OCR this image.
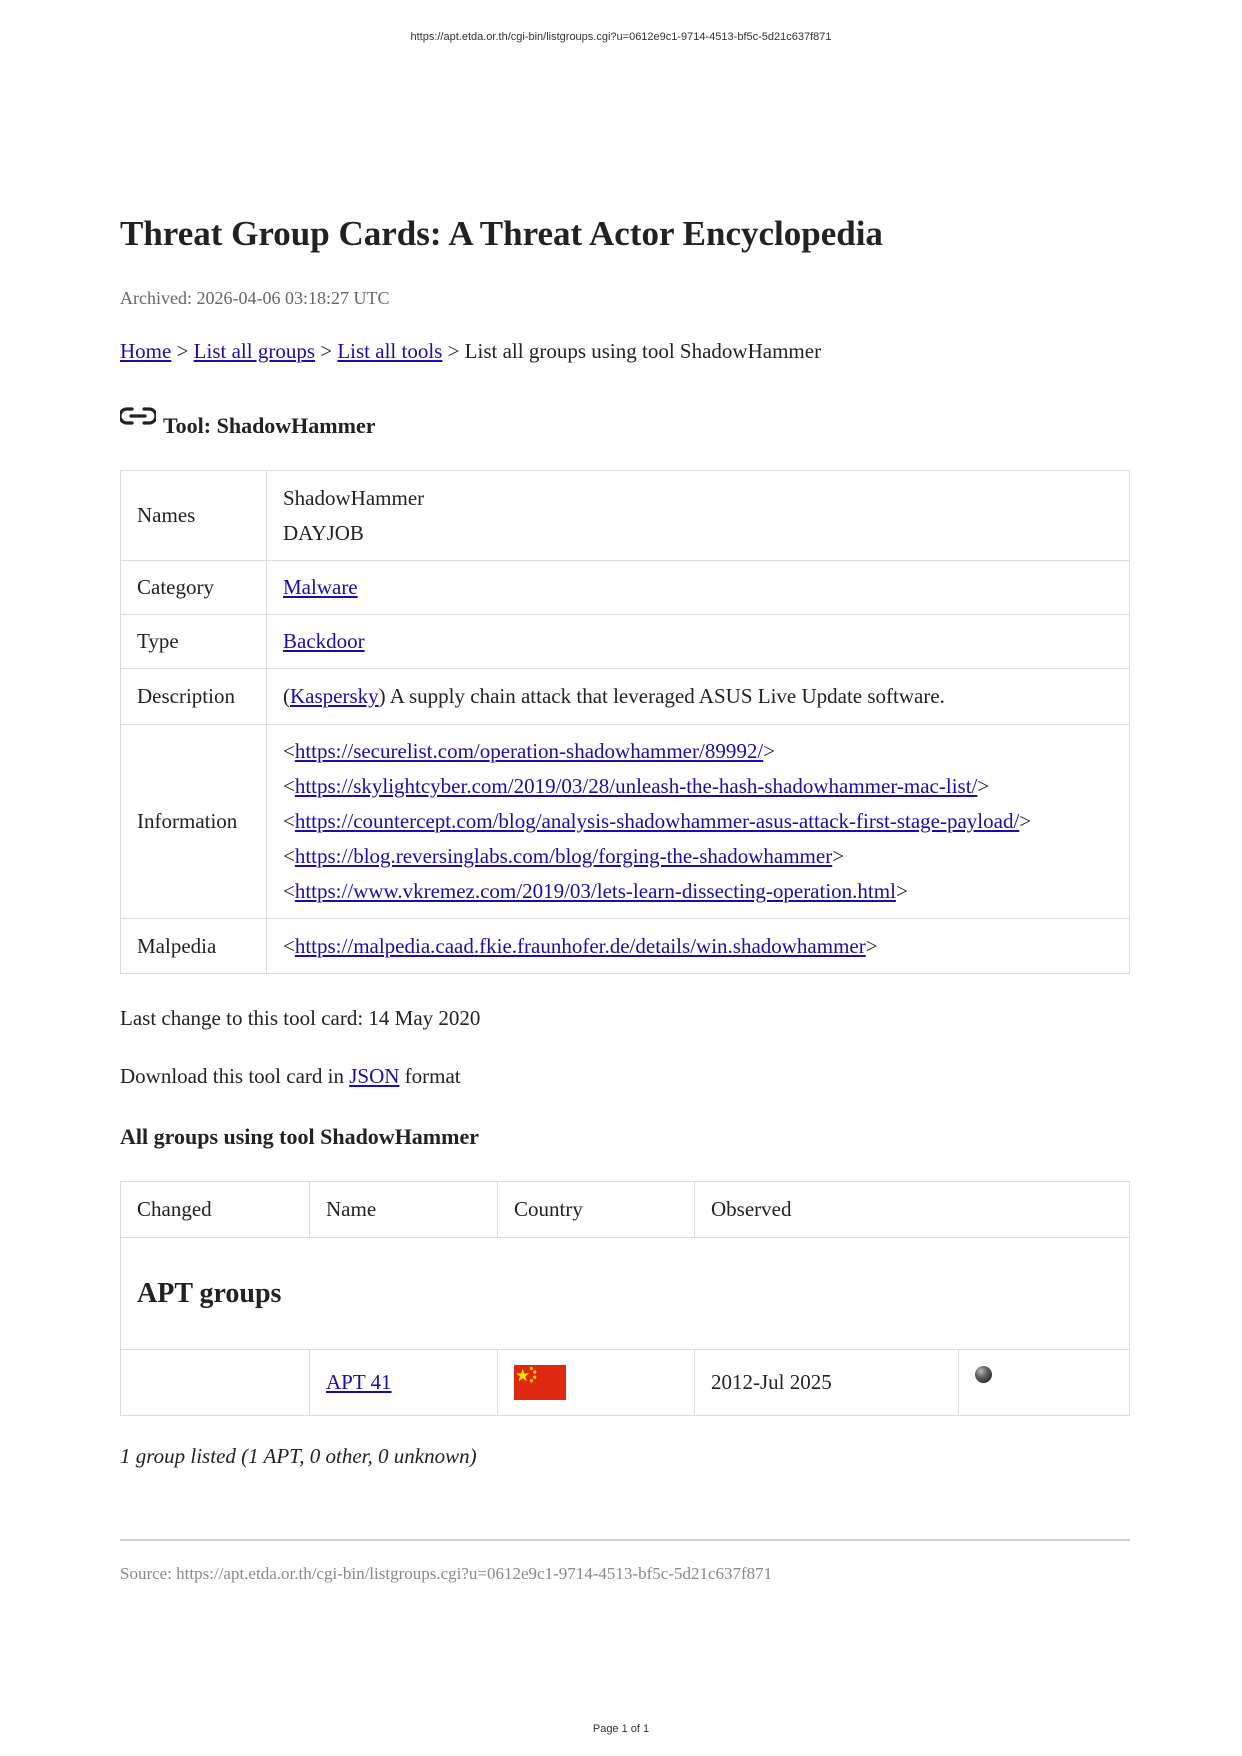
https://apt.etda.or.th/cgi-bin/listgroups.cgi?u=0612e9c1-9714-4513-bf5c-5d21c637f871
Threat Group Cards: A Threat Actor Encyclopedia
Archived: 2026-04-06 03:18:27 UTC
Home > List all groups > List all tools > List all groups using tool ShadowHammer
Tool: ShadowHammer
Names	ShadowHammer
DAYJOB

Category	Malware
Type	Backdoor
Description	(Kaspersky) A supply chain attack that leveraged ASUS Live Update software.
Information	<https://securelist.com/operation-shadowhammer/89992/>
<https://skylightcyber.com/2019/03/28/unleash-the-hash-shadowhammer-mac-list/>
<https://countercept.com/blog/analysis-shadowhammer-asus-attack-first-stage-payload/>
<https://blog.reversinglabs.com/blog/forging-the-shadowhammer>
<https://www.vkremez.com/2019/03/lets-learn-dissecting-operation.html>

Malpedia	<https://malpedia.caad.fkie.fraunhofer.de/details/win.shadowhammer>
Last change to this tool card: 14 May 2020
Download this tool card in JSON format
All groups using tool ShadowHammer
Changed	Name	Country	Observed	
APT groups				
	APT 41		2012-Jul 2025	
1 group listed (1 APT, 0 other, 0 unknown)
Source: https://apt.etda.or.th/cgi-bin/listgroups.cgi?u=0612e9c1-9714-4513-bf5c-5d21c637f871
Page 1 of 1
